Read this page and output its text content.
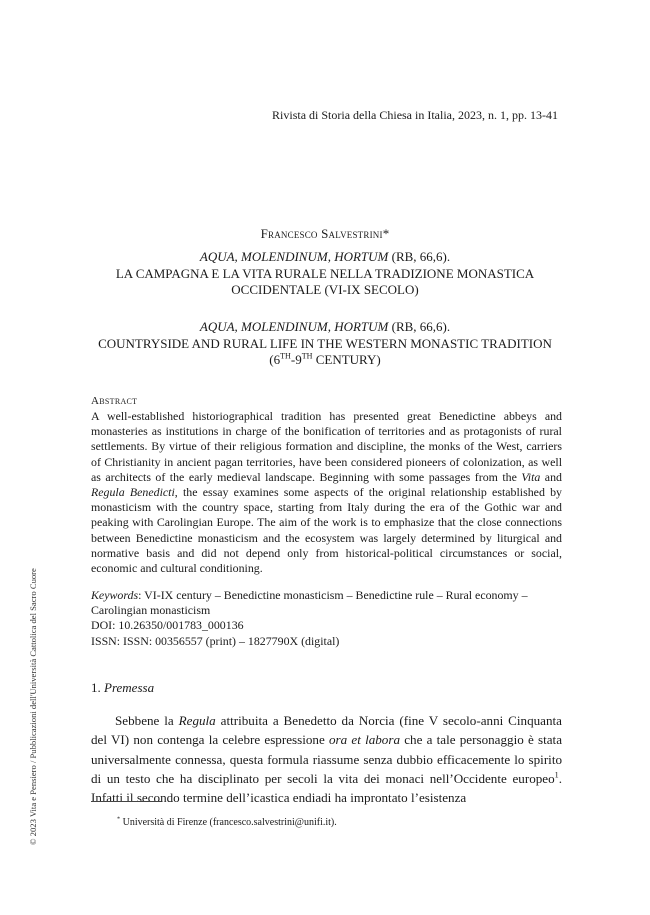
© 2023 Vita e Pensiero / Pubblicazioni dell'Università Cattolica del Sacro Cuore
Rivista di Storia della Chiesa in Italia, 2023, n. 1, pp. 13-41
Francesco Salvestrini*
AQUA, MOLENDINUM, HORTUM (RB, 66,6).
LA CAMPAGNA E LA VITA RURALE NELLA TRADIZIONE MONASTICA
OCCIDENTALE (VI-IX SECOLO)
AQUA, MOLENDINUM, HORTUM (RB, 66,6).
COUNTRYSIDE AND RURAL LIFE IN THE WESTERN MONASTIC TRADITION
(6TH-9TH CENTURY)
Abstract
A well-established historiographical tradition has presented great Benedictine abbeys and monasteries as institutions in charge of the bonification of territories and as protagonists of rural settlements. By virtue of their religious formation and discipline, the monks of the West, carriers of Christianity in ancient pagan territories, have been considered pioneers of colonization, as well as architects of the early medieval landscape. Beginning with some passages from the Vita and Regula Benedicti, the essay examines some aspects of the original relationship established by monasticism with the country space, starting from Italy during the era of the Gothic war and peaking with Carolingian Europe. The aim of the work is to emphasize that the close connections between Benedictine monasticism and the ecosystem was largely determined by liturgical and normative basis and did not depend only from historical-political circumstances or social, economic and cultural conditioning.
Keywords: VI-IX century – Benedictine monasticism – Benedictine rule – Rural economy – Carolingian monasticism
DOI: 10.26350/001783_000136
ISSN: ISSN: 00356557 (print) – 1827790X (digital)
1. Premessa
Sebbene la Regula attribuita a Benedetto da Norcia (fine V secolo-anni Cinquanta del VI) non contenga la celebre espressione ora et labora che a tale personaggio è stata universalmente connessa, questa formula riassume senza dubbio efficacemente lo spirito di un testo che ha disciplinato per secoli la vita dei monaci nell’Occidente europeo$^1$. Infatti il secondo termine dell’icastica endiadi ha improntato l’esistenza
* Università di Firenze (francesco.salvestrini@unifi.it).
